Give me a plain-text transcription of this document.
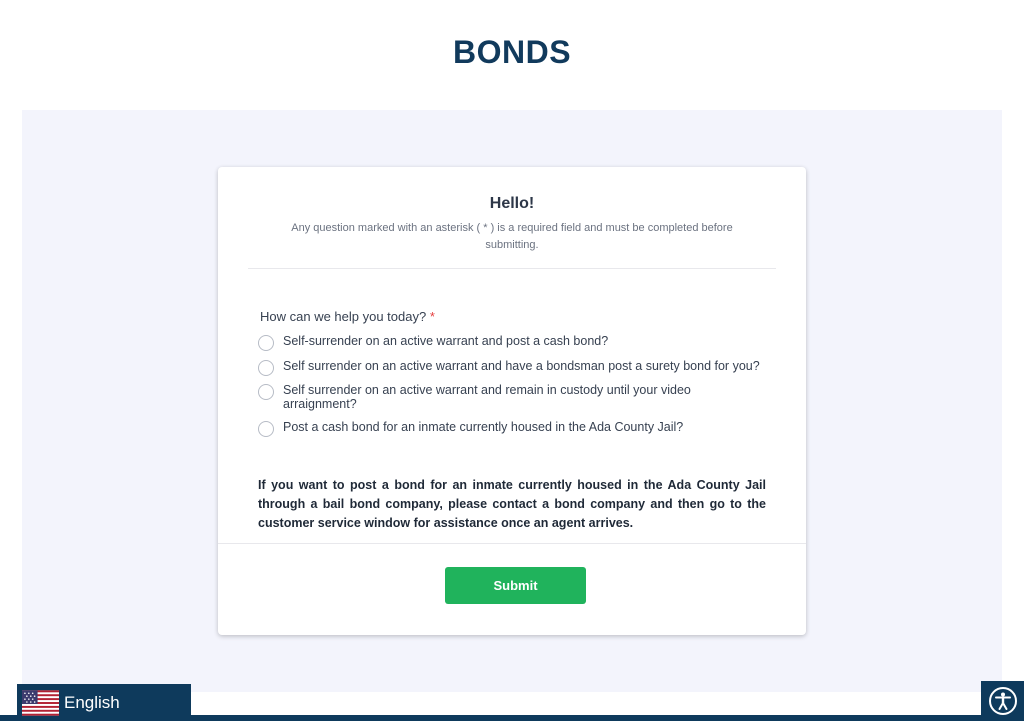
BONDS
Hello!
Any question marked with an asterisk ( * ) is a required field and must be completed before submitting.
How can we help you today? *
Self-surrender on an active warrant and post a cash bond?
Self surrender on an active warrant and have a bondsman post a surety bond for you?
Self surrender on an active warrant and remain in custody until your video arraignment?
Post a cash bond for an inmate currently housed in the Ada County Jail?
If you want to post a bond for an inmate currently housed in the Ada County Jail through a bail bond company, please contact a bond company and then go to the customer service window for assistance once an agent arrives.
Submit
English
